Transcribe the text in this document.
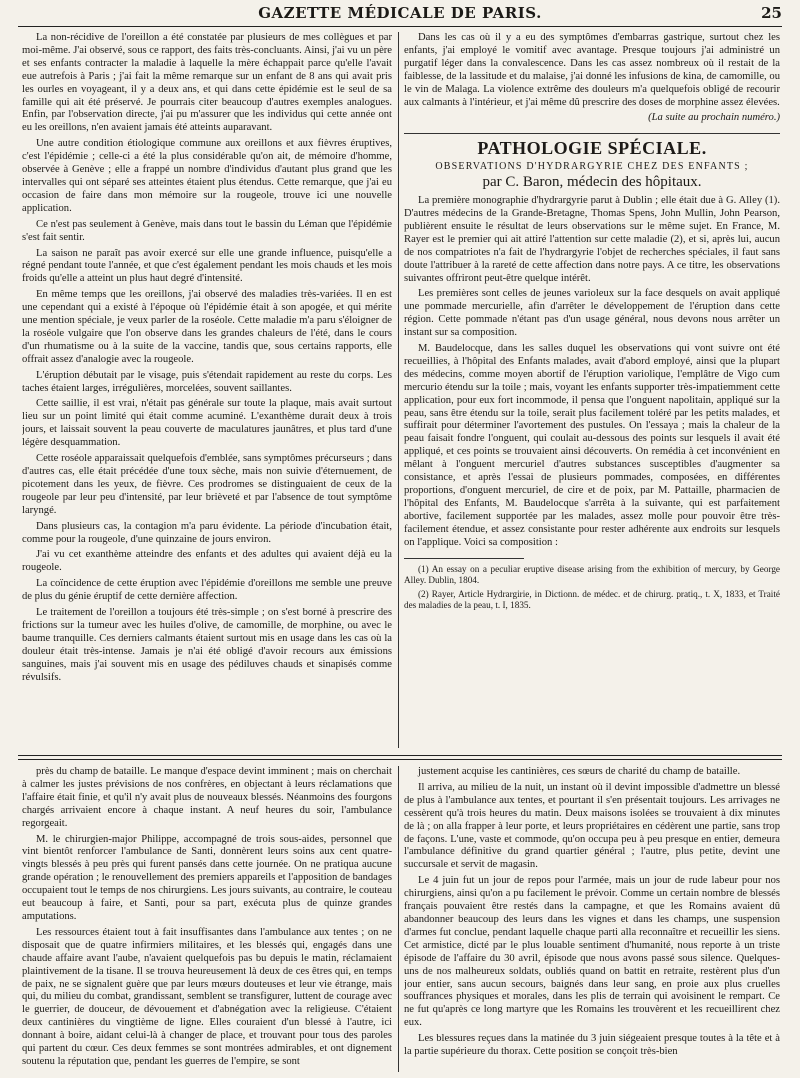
GAZETTE MÉDICALE DE PARIS.	25

La non-récidive de l'oreillon a été constatée par plusieurs de mes collègues et par moi-même. J'ai observé, sous ce rapport, des faits très-concluants. Ainsi, j'ai vu un père et ses enfants contracter la maladie à laquelle la mère échappait parce qu'elle l'avait eue autrefois à Paris ; j'ai fait la même remarque sur un enfant de 8 ans qui avait pris les ourles en voyageant, il y a deux ans, et qui dans cette épidémie est le seul de sa famille qui ait été préservé. Je pourrais citer beaucoup d'autres exemples analogues. Enfin, par l'observation directe, j'ai pu m'assurer que les individus qui cette année ont eu les oreillons, n'en avaient jamais été atteints auparavant.

Une autre condition étiologique commune aux oreillons et aux fièvres éruptives, c'est l'épidémie ; celle-ci a été la plus considérable qu'on ait, de mémoire d'homme, observée à Genève ; elle a frappé un nombre d'individus d'autant plus grand que les intervalles qui ont séparé ses atteintes étaient plus étendus. Cette remarque, que j'ai eu occasion de faire dans mon mémoire sur la rougeole, trouve ici une nouvelle application.

Ce n'est pas seulement à Genève, mais dans tout le bassin du Léman que l'épidémie s'est fait sentir.

La saison ne paraît pas avoir exercé sur elle une grande influence, puisqu'elle a régné pendant toute l'année, et que c'est également pendant les mois chauds et les mois froids qu'elle a atteint un plus haut degré d'intensité.

En même temps que les oreillons, j'ai observé des maladies très-variées. Il en est une cependant qui a existé à l'époque où l'épidémie était à son apogée, et qui mérite une mention spéciale, je veux parler de la roséole. Cette maladie m'a paru s'éloigner de la roséole vulgaire que l'on observe dans les grandes chaleurs de l'été, dans le cours d'un rhumatisme ou à la suite de la vaccine, tandis que, sous certains rapports, elle offrait assez d'analogie avec la rougeole.

L'éruption débutait par le visage, puis s'étendait rapidement au reste du corps. Les taches étaient larges, irrégulières, morcelées, souvent saillantes.

Cette saillie, il est vrai, n'était pas générale sur toute la plaque, mais avait surtout lieu sur un point limité qui était comme acuminé. L'exanthème durait deux à trois jours, et laissait souvent la peau couverte de maculatures jaunâtres, et plus tard d'une légère desquammation.

Cette roséole apparaissait quelquefois d'emblée, sans symptômes précurseurs ; dans d'autres cas, elle était précédée d'une toux sèche, mais non suivie d'éternuement, de picotement dans les yeux, de fièvre. Ces prodromes se distinguaient de ceux de la rougeole par leur peu d'intensité, par leur brièveté et par l'absence de tout symptôme laryngé.

Dans plusieurs cas, la contagion m'a paru évidente. La période d'incubation était, comme pour la rougeole, d'une quinzaine de jours environ.

J'ai vu cet exanthème atteindre des enfants et des adultes qui avaient déjà eu la rougeole.

La coïncidence de cette éruption avec l'épidémie d'oreillons me semble une preuve de plus du génie éruptif de cette dernière affection.

Le traitement de l'oreillon a toujours été très-simple ; on s'est borné à prescrire des frictions sur la tumeur avec les huiles d'olive, de camomille, de morphine, ou avec le baume tranquille. Ces derniers calmants étaient surtout mis en usage dans les cas où la douleur était très-intense. Jamais je n'ai été obligé d'avoir recours aux émissions sanguines, mais j'ai souvent mis en usage des pédiluves chauds et sinapisés comme révulsifs.

Dans les cas où il y a eu des symptômes d'embarras gastrique, surtout chez les enfants, j'ai employé le vomitif avec avantage. Presque toujours j'ai administré un purgatif léger dans la convalescence. Dans les cas assez nombreux où il restait de la faiblesse, de la lassitude et du malaise, j'ai donné les infusions de kina, de camomille, ou le vin de Malaga. La violence extrême des douleurs m'a quelquefois obligé de recourir aux calmants à l'intérieur, et j'ai même dû prescrire des doses de morphine assez élevées.

(La suite au prochain numéro.)

PATHOLOGIE SPÉCIALE.
OBSERVATIONS D'HYDRARGYRIE CHEZ DES ENFANTS ;
par C. Baron, médecin des hôpitaux.

La première monographie d'hydrargyrie parut à Dublin ; elle était due à G. Alley (1). D'autres médecins de la Grande-Bretagne, Thomas Spens, John Mullin, John Pearson, publièrent ensuite le résultat de leurs observations sur le même sujet. En France, M. Rayer est le premier qui ait attiré l'attention sur cette maladie (2), et si, après lui, aucun de nos compatriotes n'a fait de l'hydrargyrie l'objet de recherches spéciales, il faut sans doute l'attribuer à la rareté de cette affection dans notre pays. A ce titre, les observations suivantes offriront peut-être quelque intérêt.

Les premières sont celles de jeunes varioleux sur la face desquels on avait appliqué une pommade mercurielle, afin d'arrêter le développement de l'éruption dans cette région. Cette pommade n'étant pas d'un usage général, nous devons nous arrêter un instant sur sa composition.

M. Baudelocque, dans les salles duquel les observations qui vont suivre ont été recueillies, à l'hôpital des Enfants malades, avait d'abord employé, ainsi que la plupart des médecins, comme moyen abortif de l'éruption variolique, l'emplâtre de Vigo cum mercurio étendu sur la toile ; mais, voyant les enfants supporter très-impatiemment cette application, pour eux fort incommode, il pensa que l'onguent napolitain, appliqué sur la peau, sans être étendu sur la toile, serait plus facilement toléré par les petits malades, et suffirait pour déterminer l'avortement des pustules. On l'essaya ; mais la chaleur de la peau faisait fondre l'onguent, qui coulait au-dessous des points sur lesquels il avait été appliqué, et ces points se trouvaient ainsi découverts. On remédia à cet inconvénient en mêlant à l'onguent mercuriel d'autres substances susceptibles d'augmenter sa consistance, et après l'essai de plusieurs pommades, composées, en différentes proportions, d'onguent mercuriel, de cire et de poix, par M. Pattaille, pharmacien de l'hôpital des Enfants, M. Baudelocque s'arrêta à la suivante, qui est parfaitement abortive, facilement supportée par les malades, assez molle pour pouvoir être très-facilement étendue, et assez consistante pour rester adhérente aux endroits sur lesquels on l'applique. Voici sa composition :

(1) An essay on a peculiar eruptive disease arising from the exhibition of mercury, by George Alley. Dublin, 1804.

(2) Rayer, Article Hydrargirie, in Dictionn. de médec. et de chirurg. pratiq., t. X, 1833, et Traité des maladies de la peau, t. I, 1835.

près du champ de bataille. Le manque d'espace devint imminent ; mais on cherchait à calmer les justes prévisions de nos confrères, en objectant à leurs réclamations que l'affaire était finie, et qu'il n'y avait plus de nouveaux blessés. Néanmoins des fourgons chargés arrivaient encore à chaque instant. A neuf heures du soir, l'ambulance regorgeait.

M. le chirurgien-major Philippe, accompagné de trois sous-aides, personnel que vint bientôt renforcer l'ambulance de Santi, donnèrent leurs soins aux cent quatre-vingts blessés à peu près qui furent pansés dans cette journée. On ne pratiqua aucune grande opération ; le renouvellement des premiers appareils et l'apposition de bandages occupaient tout le temps de nos chirurgiens. Les jours suivants, au contraire, le couteau eut beaucoup à faire, et Santi, pour sa part, exécuta plus de quinze grandes amputations.

Les ressources étaient tout à fait insuffisantes dans l'ambulance aux tentes ; on ne disposait que de quatre infirmiers militaires, et les blessés qui, engagés dans une chaude affaire avant l'aube, n'avaient quelquefois pas bu depuis le matin, réclamaient plaintivement de la tisane. Il se trouva heureusement là deux de ces êtres qui, en temps de paix, ne se signalent guère que par leurs mœurs douteuses et leur vie étrange, mais qui, du milieu du combat, grandissant, semblent se transfigurer, luttent de courage avec le guerrier, de douceur, de dévouement et d'abnégation avec la religieuse. C'étaient deux cantinières du vingtième de ligne. Elles couraient d'un blessé à l'autre, ici donnant à boire, aidant celui-là à changer de place, et trouvant pour tous des paroles qui partent du cœur. Ces deux femmes se sont montrées admirables, et ont dignement soutenu la réputation que, pendant les guerres de l'empire, se sont

justement acquise les cantinières, ces sœurs de charité du champ de bataille.

Il arriva, au milieu de la nuit, un instant où il devint impossible d'admettre un blessé de plus à l'ambulance aux tentes, et pourtant il s'en présentait toujours. Les arrivages ne cessèrent qu'à trois heures du matin. Deux maisons isolées se trouvaient à dix minutes de là ; on alla frapper à leur porte, et leurs propriétaires en cédèrent une partie, sans trop de façons. L'une, vaste et commode, qu'on occupa peu à peu presque en entier, demeura l'ambulance définitive du grand quartier général ; l'autre, plus petite, devint une succursale et servit de magasin.

Le 4 juin fut un jour de repos pour l'armée, mais un jour de rude labeur pour nos chirurgiens, ainsi qu'on a pu facilement le prévoir. Comme un certain nombre de blessés français pouvaient être restés dans la campagne, et que les Romains avaient dû abandonner beaucoup des leurs dans les vignes et dans les champs, une suspension d'armes fut conclue, pendant laquelle chaque parti alla reconnaître et recueillir les siens. Cet armistice, dicté par le plus louable sentiment d'humanité, nous reporte à un triste épisode de l'affaire du 30 avril, épisode que nous avons passé sous silence. Quelques-uns de nos malheureux soldats, oubliés quand on battit en retraite, restèrent plus d'un jour entier, sans aucun secours, baignés dans leur sang, en proie aux plus cruelles souffrances physiques et morales, dans les plis de terrain qui avoisinent le rempart. Ce ne fut qu'après ce long martyre que les Romains les trouvèrent et les recueillirent chez eux.

Les blessures reçues dans la matinée du 3 juin siégeaient presque toutes à la tête et à la partie supérieure du thorax. Cette position se conçoit très-bien
